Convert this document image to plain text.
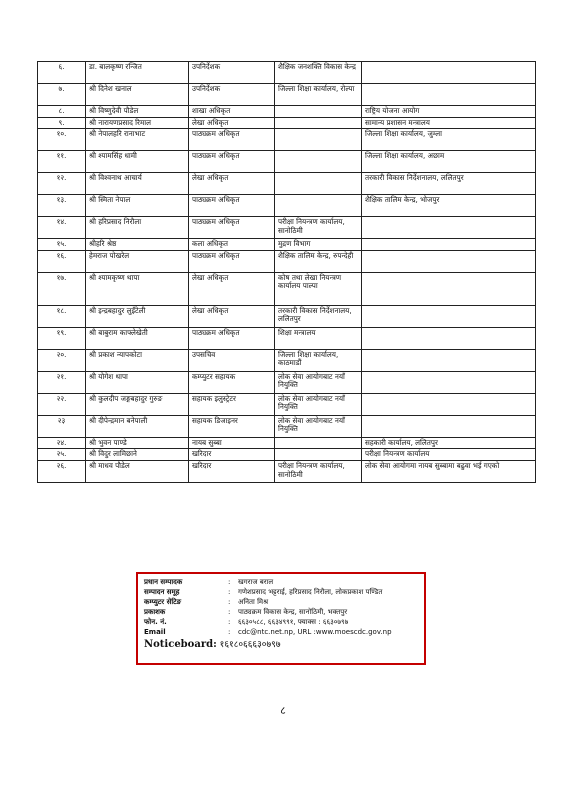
६.	डा. बालकृष्ण रन्जित	उपनिर्देशक	शैक्षिक जनशक्ति विकास केन्द्र	
७.	श्री दिनेश खनाल	उपनिर्देशक	जिल्ला शिक्षा कार्यालय, रोल्पा	
८.	श्री विष्णुदेवी पौडेल	शाखा अधिकृत		राष्ट्रिय योजना आयोग
९.	श्री नारायणप्रसाद रिमाल	लेखा अधिकृत		सामान्य प्रशासन मन्त्रालय
१०.	श्री नेपालहरि रानाभाट	पाठ्यक्रम अधिकृत		जिल्ला शिक्षा कार्यालय, जुम्ला
११.	श्री श्यामसिंह धामी	पाठ्यक्रम अधिकृत		जिल्ला शिक्षा कार्यालय, अछाम
१२.	श्री विश्वनाथ आचार्य	लेखा अधिकृत		तरकारी विकास निर्देशनालय, ललितपुर
१३.	श्री स्मिता नेपाल	पाठ्यक्रम अधिकृत		शैक्षिक तालिम केन्द्र, भोजपुर
१४.	श्री हरिप्रसाद निरौला	पाठ्यक्रम अधिकृत	परीक्षा नियन्त्रण कार्यालय, सानोठिमी	
१५.	श्रीहरि श्रेष्ठ	कला अधिकृत	मुद्रण विभाग	
१६.	हेमराज पोखरेल	पाठ्यक्रम अधिकृत	शैक्षिक तालिम केन्द्र, रुपन्देही	
१७.	श्री श्यामकृष्ण थापा	लेखा अधिकृत	कोष तथा लेखा नियन्त्रण कार्यालय पाल्पा	
१८.	श्री इन्द्रबहादुर लुइँटेली	लेखा अधिकृत	तरकारी विकास निर्देशनालय, ललितपुर	
१९.	श्री बाबुराम काफ्लेखेती	पाठ्यक्रम अधिकृत	शिक्षा मन्त्रालय	
२०.	श्री प्रकाश न्यापकोटा	उपसचिव	जिल्ला शिक्षा कार्यालय, काठमाडौं	
२१.	श्री योगेश थापा	कम्प्युटर सहायक	लोक सेवा आयोगबाट नयाँ नियुक्ति	
२२.	श्री कुलदीप जङ्गबहादुर गुरुङ	सहायक इलुस्ट्रेटर	लोक सेवा आयोगबाट नयाँ नियुक्ति	
२३	श्री दीपेन्द्रमान बनेपाली	सहायक डिजाइनर	लोक सेवा आयोगबाट नयाँ नियुक्ति	
२४.	श्री भुवन पाण्डे	नायब सुब्बा		सहकारी कार्यालय, ललितपुर
२५.	श्री विदुर लामिछाने	खरिदार		परीक्षा नियन्त्रण कार्यालय
२६.	श्री माधव पौडेल	खरिदार	परीक्षा नियन्त्रण कार्यालय, सानोठिमी	लोक सेवा आयोगमा नायब सुब्बामा बढुवा भई गएको
प्रधान सम्पादक	:	खगराज बराल
सम्पादन समूह	:	गणेशप्रसाद भट्टराई, हरिप्रसाद निरौला, लोकप्रकाश पण्डित
कम्प्युटर सेटिङ	:	अनिता मिश्र
प्रकाशक	:	पाठ्यक्रम विकास केन्द्र, सानोठिमी, भक्तपुर
फोन. नं.	:	६६३०५८८, ६६३४९९१, फ्याक्स : ६६३०७९७
Email	:	cdc@ntc.net.np, URL :www.moescdc.gov.np
Noticeboard: १६१८०६६६३०७९७
८
